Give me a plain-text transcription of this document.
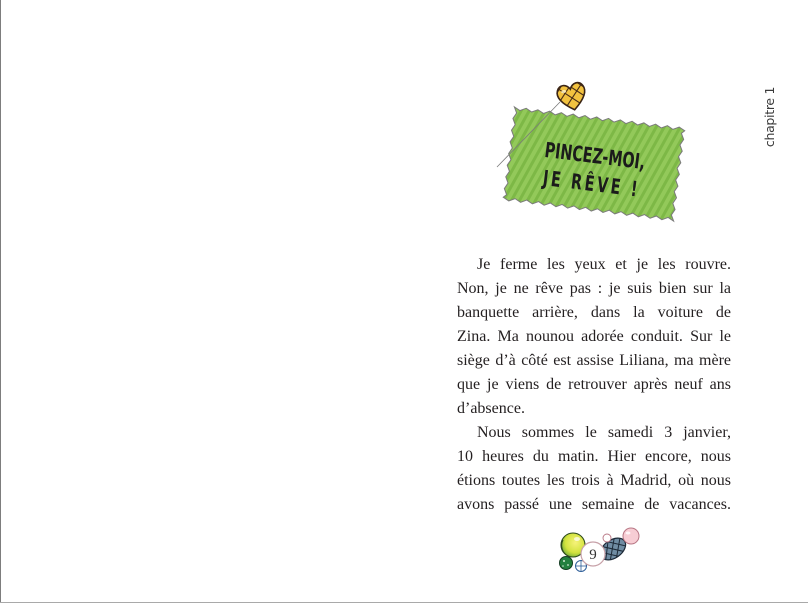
PINCEZ-MOI,
JE RÊVE !
chapitre 1
Je ferme les yeux et je les rouvre.
Non, je ne rêve pas : je suis bien sur la
banquette arrière, dans la voiture de
Zina. Ma nounou adorée conduit. Sur le
siège d’à côté est assise Liliana, ma mère
que je viens de retrouver après neuf ans
d’absence.
Nous sommes le samedi 3 janvier,
10 heures du matin. Hier encore, nous
étions toutes les trois à Madrid, où nous
avons passé une semaine de vacances.
9
